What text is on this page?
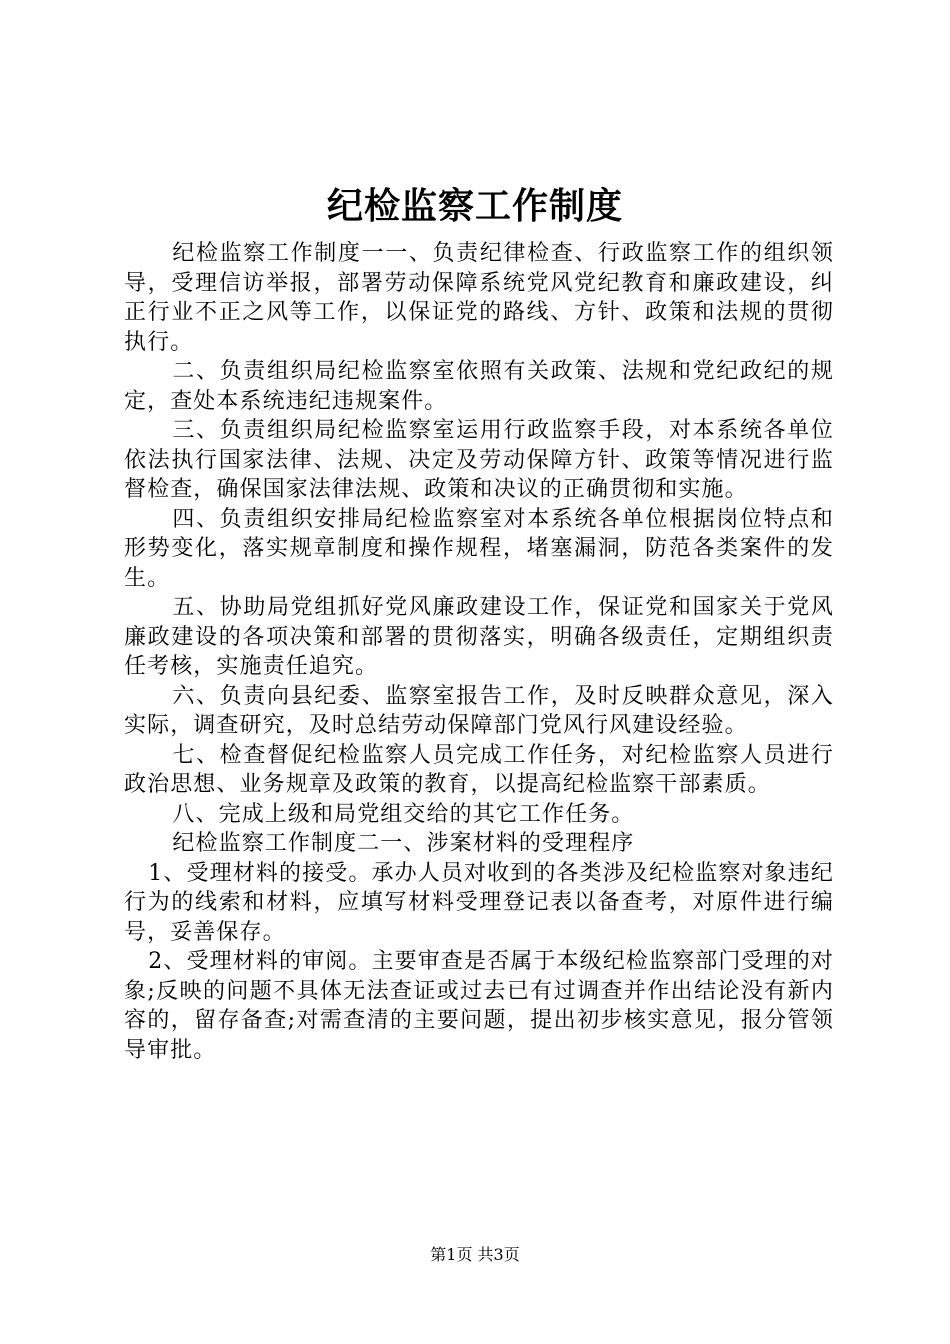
纪检监察工作制度

纪检监察工作制度一一、负责纪律检查、行政监察工作的组织领导，受理信访举报，部署劳动保障系统党风党纪教育和廉政建设，纠正行业不正之风等工作，以保证党的路线、方针、政策和法规的贯彻执行。

二、负责组织局纪检监察室依照有关政策、法规和党纪政纪的规定，查处本系统违纪违规案件。

三、负责组织局纪检监察室运用行政监察手段，对本系统各单位依法执行国家法律、法规、决定及劳动保障方针、政策等情况进行监督检查，确保国家法律法规、政策和决议的正确贯彻和实施。

四、负责组织安排局纪检监察室对本系统各单位根据岗位特点和形势变化，落实规章制度和操作规程，堵塞漏洞，防范各类案件的发生。

五、协助局党组抓好党风廉政建设工作，保证党和国家关于党风廉政建设的各项决策和部署的贯彻落实，明确各级责任，定期组织责任考核，实施责任追究。

六、负责向县纪委、监察室报告工作，及时反映群众意见，深入实际，调查研究，及时总结劳动保障部门党风行风建设经验。

七、检查督促纪检监察人员完成工作任务，对纪检监察人员进行政治思想、业务规章及政策的教育，以提高纪检监察干部素质。

八、完成上级和局党组交给的其它工作任务。

纪检监察工作制度二一、涉案材料的受理程序

1、受理材料的接受。承办人员对收到的各类涉及纪检监察对象违纪行为的线索和材料，应填写材料受理登记表以备查考，对原件进行编号，妥善保存。

2、受理材料的审阅。主要审查是否属于本级纪检监察部门受理的对象;反映的问题不具体无法查证或过去已有过调查并作出结论没有新内容的，留存备查;对需查清的主要问题，提出初步核实意见，报分管领导审批。

第1页 共3页
